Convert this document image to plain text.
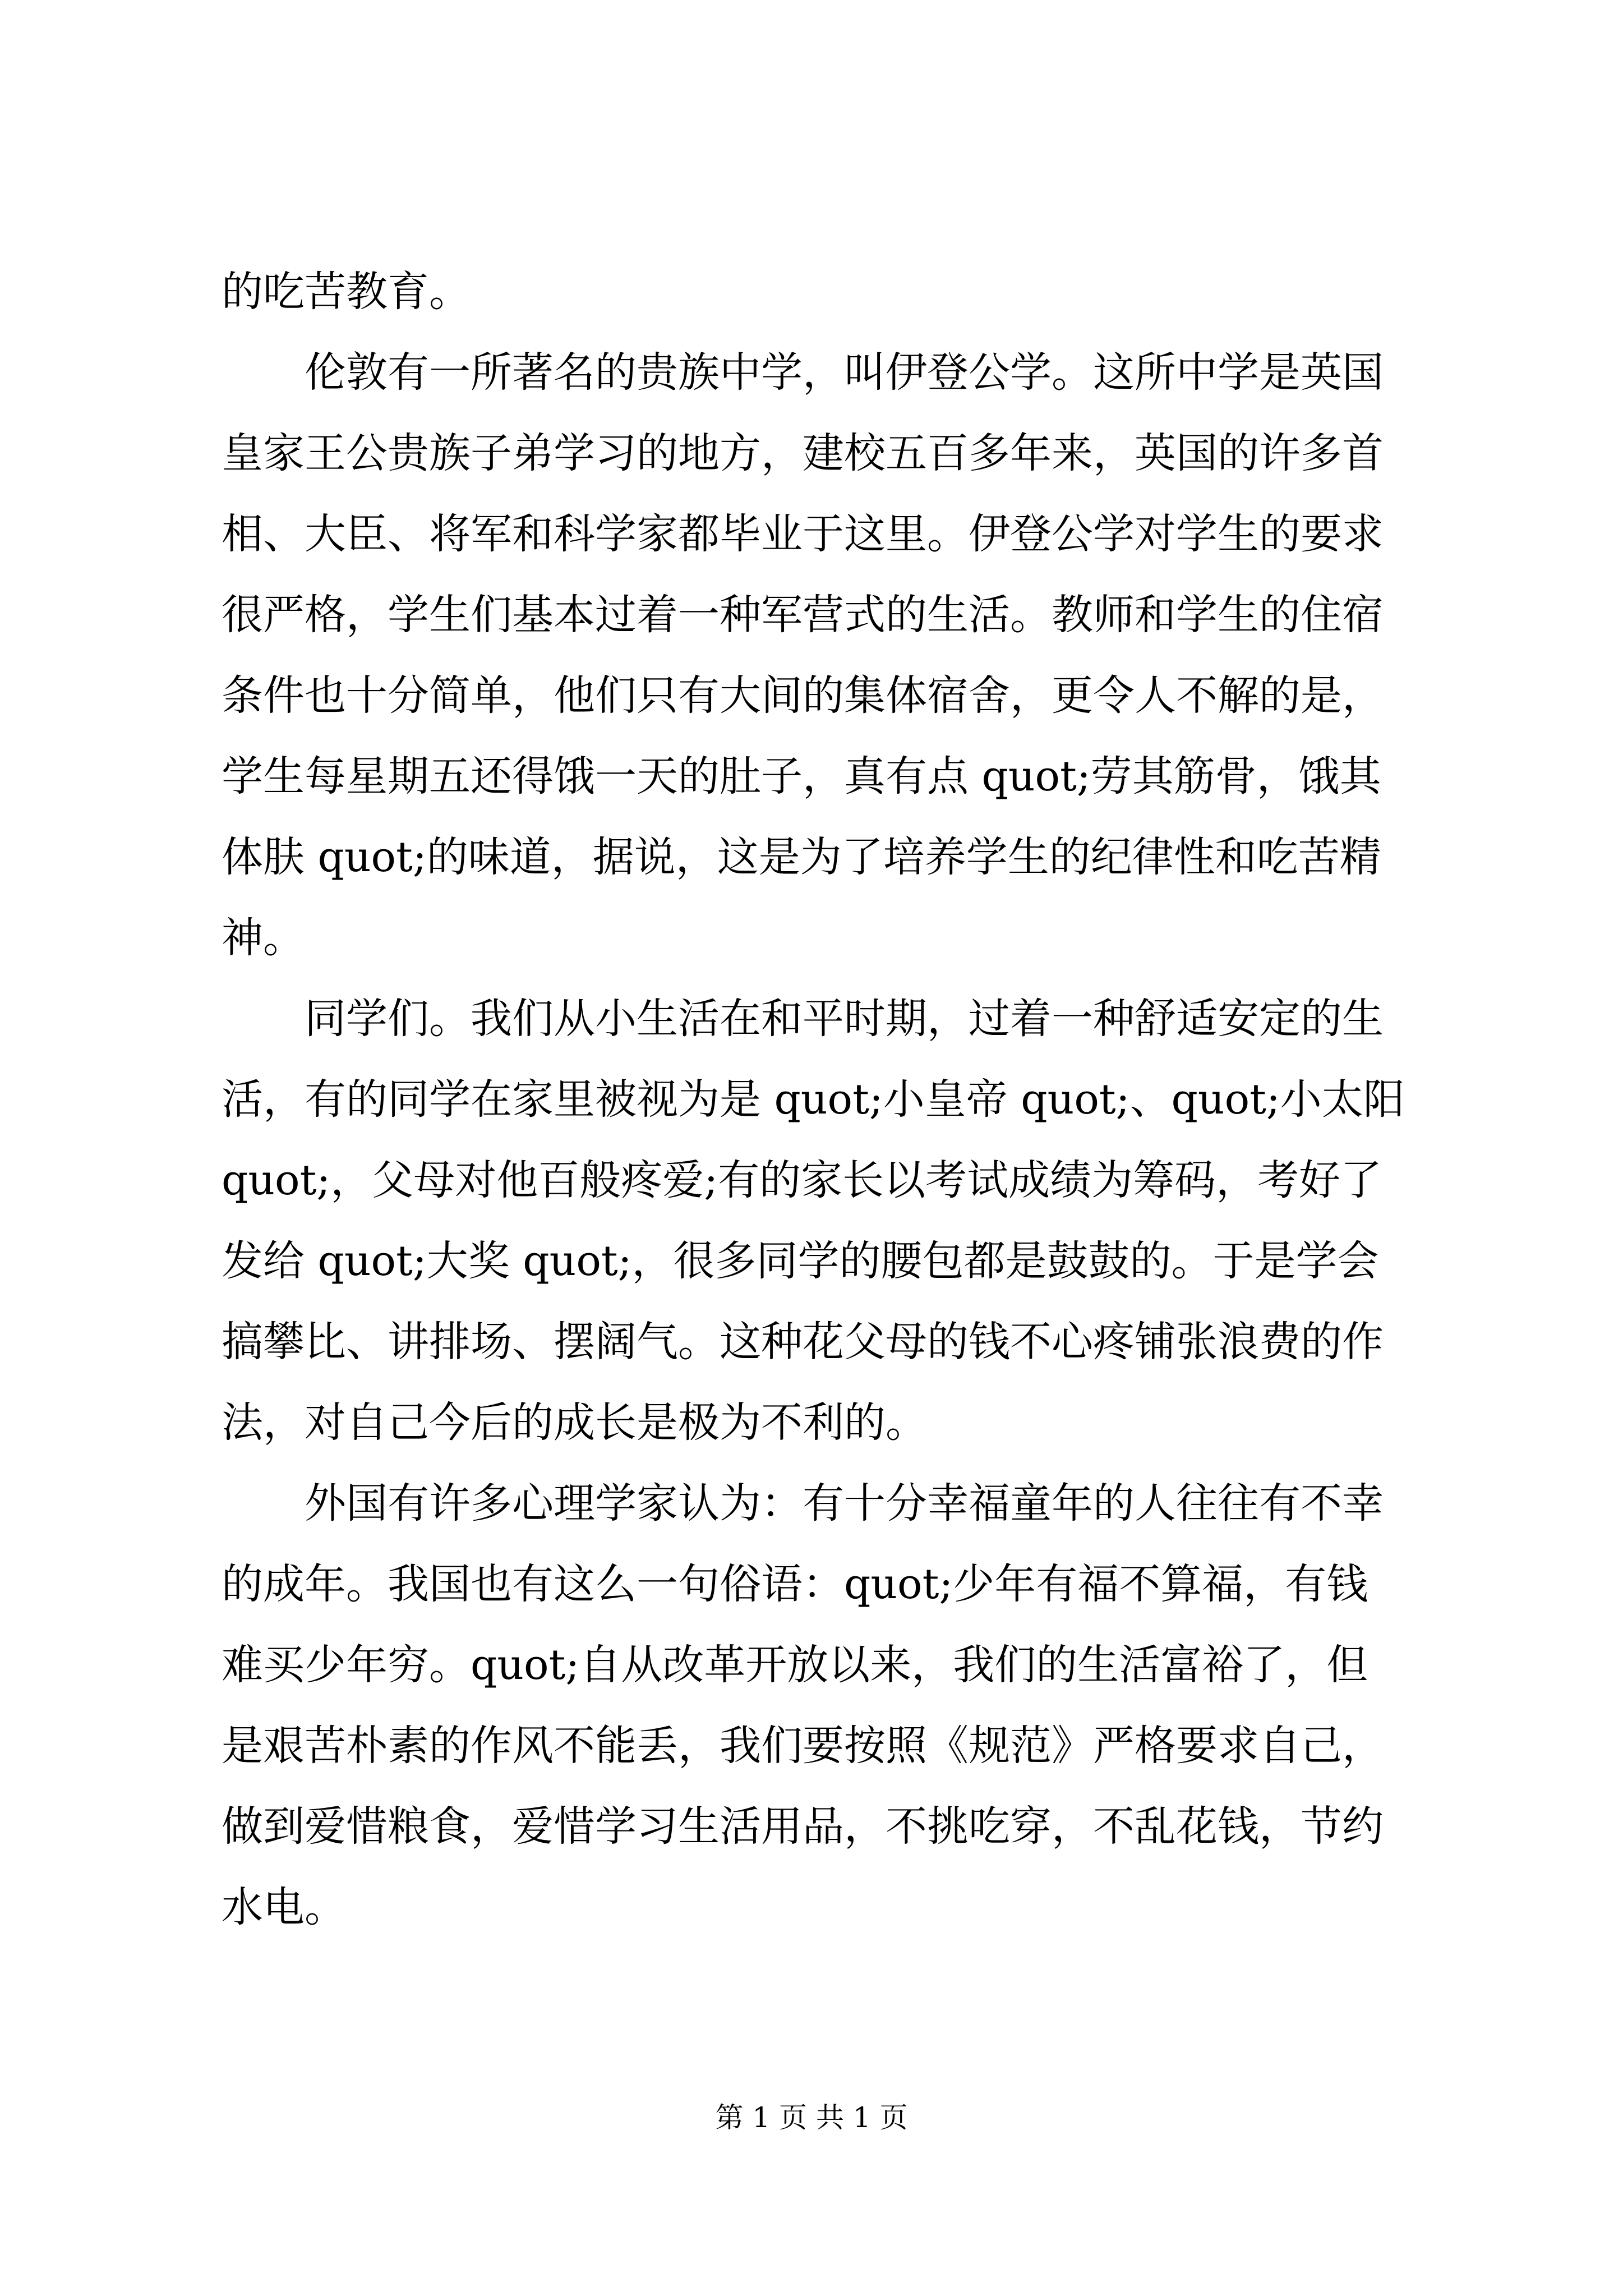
的吃苦教育。
伦敦有一所著名的贵族中学，叫伊登公学。这所中学是英国
皇家王公贵族子弟学习的地方，建校五百多年来，英国的许多首
相、大臣、将军和科学家都毕业于这里。伊登公学对学生的要求
很严格，学生们基本过着一种军营式的生活。教师和学生的住宿
条件也十分简单，他们只有大间的集体宿舍，更令人不解的是，
学生每星期五还得饿一天的肚子，真有点 quot;劳其筋骨，饿其
体肤 quot;的味道，据说，这是为了培养学生的纪律性和吃苦精
神。
同学们。我们从小生活在和平时期，过着一种舒适安定的生
活，有的同学在家里被视为是 quot;小皇帝 quot;、quot;小太阳
quot;，父母对他百般疼爱;有的家长以考试成绩为筹码，考好了
发给 quot;大奖 quot;，很多同学的腰包都是鼓鼓的。于是学会
搞攀比、讲排场、摆阔气。这种花父母的钱不心疼铺张浪费的作
法，对自己今后的成长是极为不利的。
外国有许多心理学家认为：有十分幸福童年的人往往有不幸
的成年。我国也有这么一句俗语：quot;少年有福不算福，有钱
难买少年穷。quot;自从改革开放以来，我们的生活富裕了，但
是艰苦朴素的作风不能丢，我们要按照《规范》严格要求自己，
做到爱惜粮食，爱惜学习生活用品，不挑吃穿，不乱花钱，节约
水电。
第 1 页 共 1 页
